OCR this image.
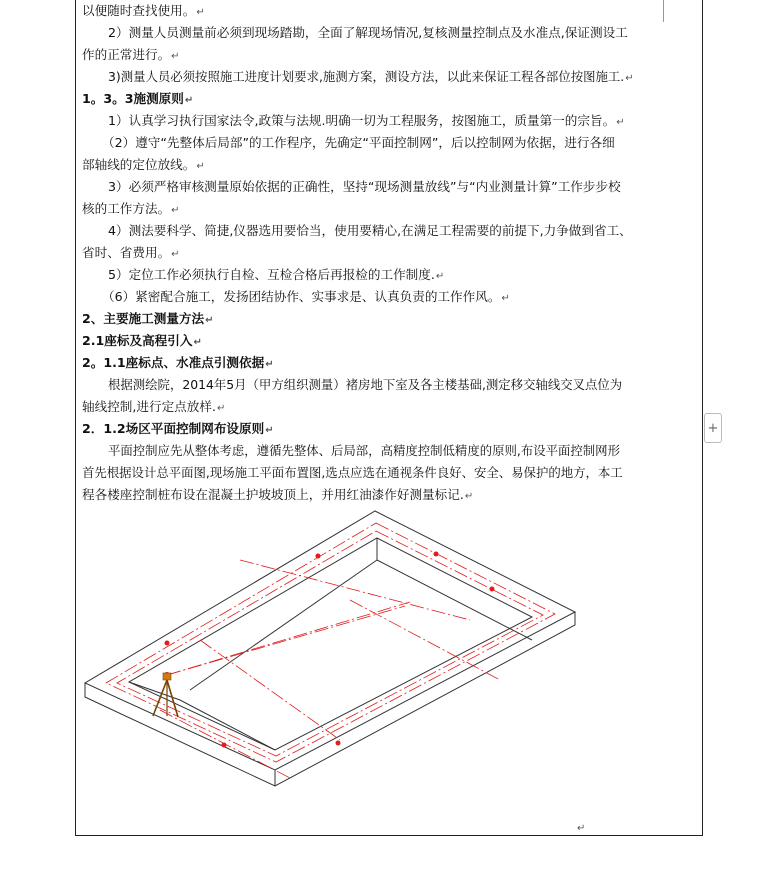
以便随时查找使用。↵
2）测量人员测量前必须到现场踏勘，全面了解现场情况,复核测量控制点及水准点,保证测设工
作的正常进行。↵
3)测量人员必须按照施工进度计划要求,施测方案，测设方法，以此来保证工程各部位按图施工.↵
1。3。3施测原则↵
1）认真学习执行国家法令,政策与法规.明确一切为工程服务，按图施工，质量第一的宗旨。↵
（2）遵守“先整体后局部”的工作程序，先确定“平面控制网”，后以控制网为依据，进行各细
部轴线的定位放线。↵
3）必须严格审核测量原始依据的正确性，坚持“现场测量放线”与“内业测量计算”工作步步校
核的工作方法。↵
4）测法要科学、简捷,仪器选用要恰当，使用要精心,在满足工程需要的前提下,力争做到省工、
省时、省费用。↵
5）定位工作必须执行自检、互检合格后再报检的工作制度.↵
（6）紧密配合施工，发扬团结协作、实事求是、认真负责的工作作风。↵
2、主要施工测量方法↵
2.1座标及高程引入↵
2。1.1座标点、水准点引测依据↵
根据测绘院，2014年5月（甲方组织测量）褚房地下室及各主楼基础,测定移交轴线交叉点位为
轴线控制,进行定点放样.↵
2．1.2场区平面控制网布设原则↵
平面控制应先从整体考虑，遵循先整体、后局部，高精度控制低精度的原则,布设平面控制网形
首先根据设计总平面图,现场施工平面布置图,选点应选在通视条件良好、安全、易保护的地方，本工
程各楼座控制桩布设在混凝土护坡坡顶上，并用红油漆作好测量标记.↵
+
↵
